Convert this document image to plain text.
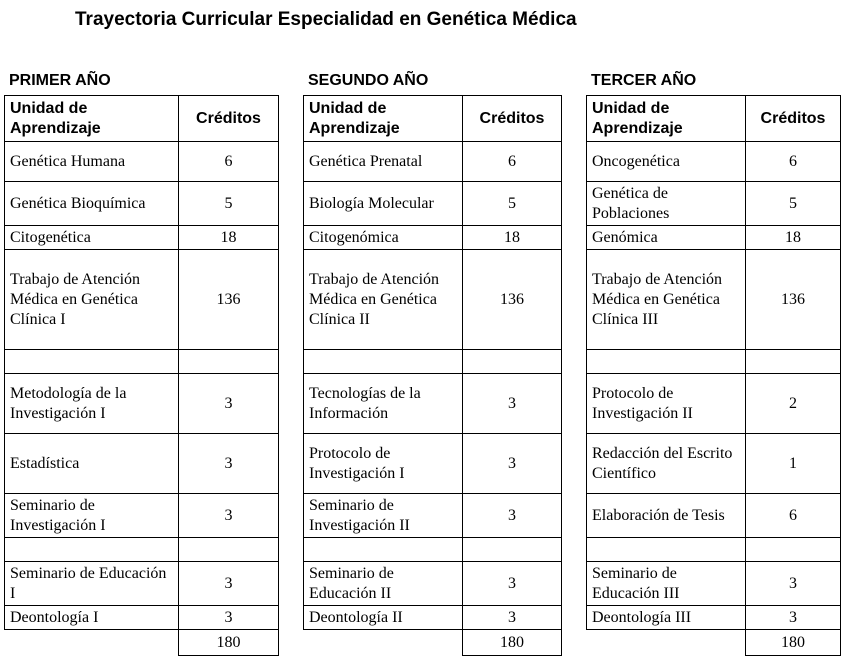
Trayectoria Curricular Especialidad en Genética Médica
PRIMER AÑO
Unidad de Aprendizaje	Créditos
Genética Humana	6
Genética Bioquímica	5
Citogenética	18
Trabajo de Atención Médica en Genética Clínica I	136

Metodología de la Investigación I	3
Estadística	3
Seminario de Investigación I	3

Seminario de Educación I	3
Deontología I	3
	180
SEGUNDO AÑO
Unidad de Aprendizaje	Créditos
Genética Prenatal	6
Biología Molecular	5
Citogenómica	18
Trabajo de Atención Médica en Genética Clínica II	136

Tecnologías de la Información	3
Protocolo de Investigación I	3
Seminario de Investigación II	3

Seminario de Educación II	3
Deontología II	3
	180
TERCER AÑO
Unidad de Aprendizaje	Créditos
Oncogenética	6
Genética de Poblaciones	5
Genómica	18
Trabajo de Atención Médica en Genética Clínica III	136

Protocolo de Investigación II	2
Redacción del Escrito Científico	1
Elaboración de Tesis	6

Seminario de Educación III	3
Deontología III	3
	180
